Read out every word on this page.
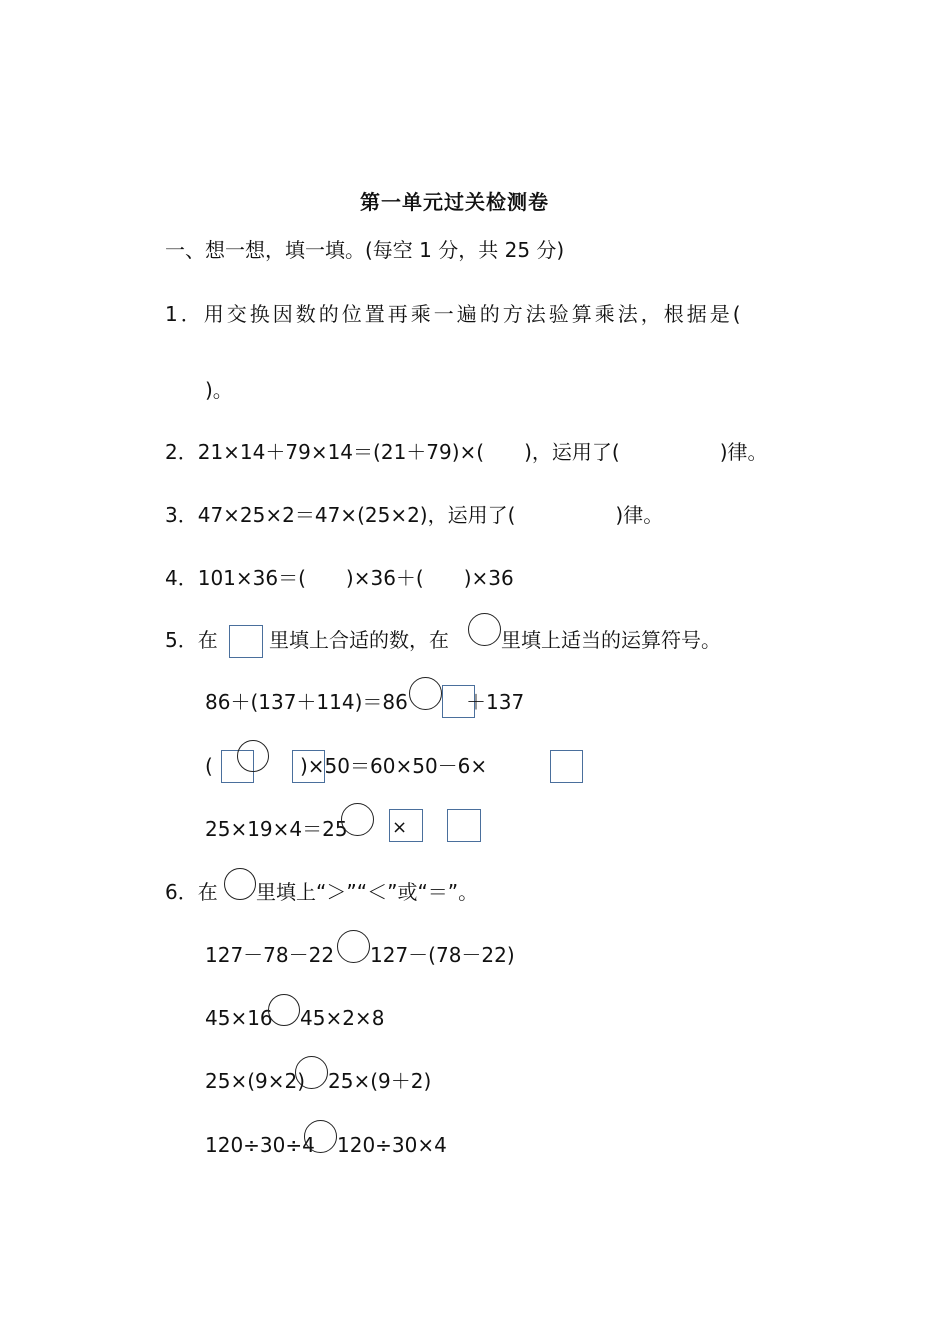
第一单元过关检测卷
一、想一想，填一填。(每空 1 分，共 25 分)
1．用交换因数的位置再乘一遍的方法验算乘法，根据是(
)。
2．21×14＋79×14＝(21＋79)×(　　)，运用了(　　　　　)律。
3．47×25×2＝47×(25×2)，运用了(　　　　　)律。
4．101×36＝(　　)×36＋(　　)×36
5．在	里填上合适的数，在	里填上适当的运算符号。
86＋(137＋114)＝86	＋137
(	)×50＝60×50－6×
25×19×4＝25 ×
6．在 里填上“＞”“＜”或“＝”。
127－78－22 127－(78－22)
45×16 45×2×8
25×(9×2) 25×(9＋2)
120÷30÷4 120÷30×4
